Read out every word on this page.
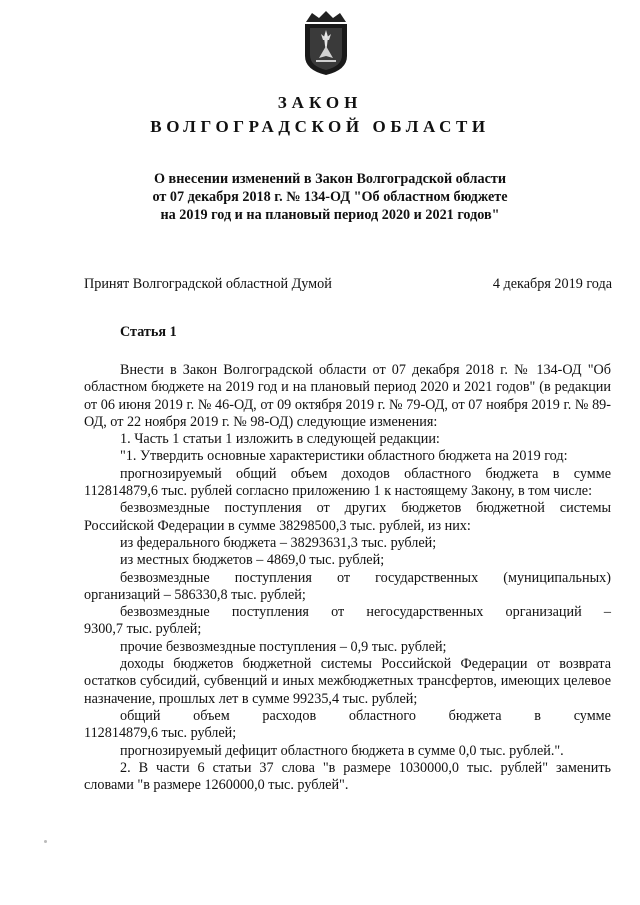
ЗАКОН
ВОЛГОГРАДСКОЙ ОБЛАСТИ
О внесении изменений в Закон Волгоградской области
от 07 декабря 2018 г. № 134-ОД "Об областном бюджете
на 2019 год и на плановый период 2020 и 2021 годов"
Принят Волгоградской областной Думой	4 декабря 2019 года
Статья 1

Внести в Закон Волгоградской области от 07 декабря 2018 г. № 134-ОД "Об областном бюджете на 2019 год и на плановый период 2020 и 2021 годов" (в редакции от 06 июня 2019 г. № 46-ОД, от 09 октября 2019 г. № 79-ОД, от 07 ноября 2019 г. № 89-ОД, от 22 ноября 2019 г. № 98-ОД) следующие изменения:

1. Часть 1 статьи 1 изложить в следующей редакции:

"1. Утвердить основные характеристики областного бюджета на 2019 год:

прогнозируемый общий объем доходов областного бюджета в сумме 112814879,6 тыс. рублей согласно приложению 1 к настоящему Закону, в том числе:

безвозмездные поступления от других бюджетов бюджетной системы Российской Федерации в сумме 38298500,3 тыс. рублей, из них:

из федерального бюджета – 38293631,3 тыс. рублей;

из местных бюджетов – 4869,0 тыс. рублей;

безвозмездные поступления от государственных (муниципальных)
организаций – 586330,8 тыс. рублей;
безвозмездные поступления от негосударственных организаций –
9300,7 тыс. рублей;

прочие безвозмездные поступления – 0,9 тыс. рублей;

доходы бюджетов бюджетной системы Российской Федерации от возврата остатков субсидий, субвенций и иных межбюджетных трансфертов, имеющих целевое назначение, прошлых лет в сумме 99235,4 тыс. рублей;

общий объем расходов областного бюджета в сумме
112814879,6 тыс. рублей;

прогнозируемый дефицит областного бюджета в сумме 0,0 тыс. рублей.".

2. В части 6 статьи 37 слова "в размере 1030000,0 тыс. рублей" заменить словами "в размере 1260000,0 тыс. рублей".
